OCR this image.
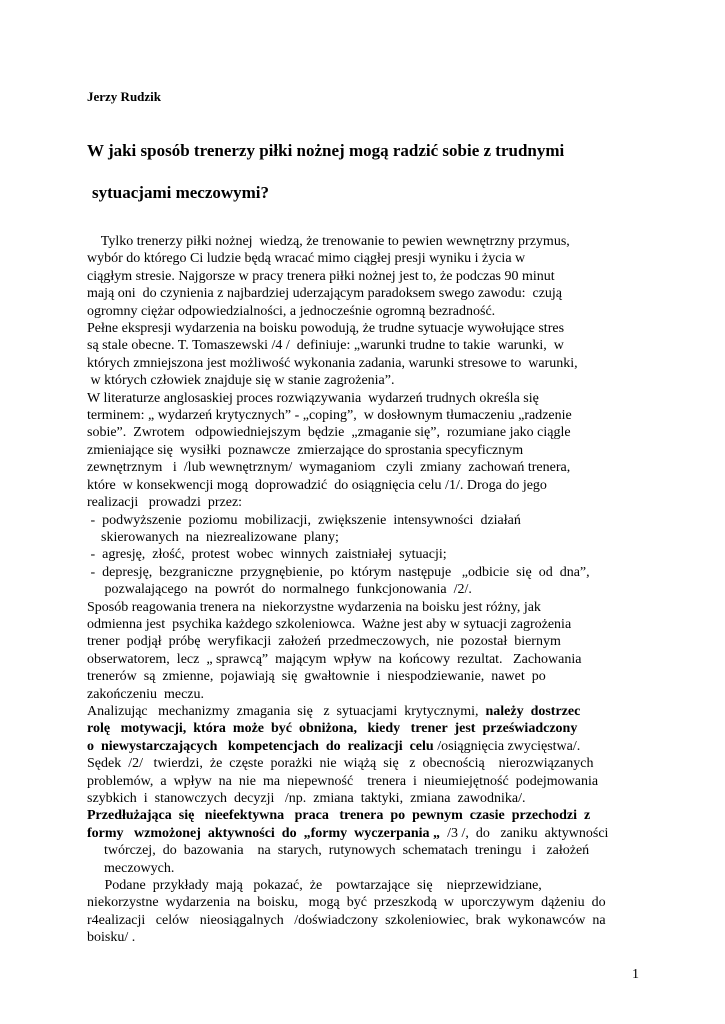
Jerzy Rudzik
W jaki sposób trenerzy piłki nożnej mogą radzić sobie z trudnymi
sytuacjami meczowymi?
Tylko trenerzy piłki nożnej  wiedzą, że trenowanie to pewien wewnętrzny przymus,
wybór do którego Ci ludzie będą wracać mimo ciągłej presji wyniku i życia w
ciągłym stresie. Najgorsze w pracy trenera piłki nożnej jest to, że podczas 90 minut
mają oni  do czynienia z najbardziej uderzającym paradoksem swego zawodu:  czują
ogromny ciężar odpowiedzialności, a jednocześnie ogromną bezradność.
Pełne ekspresji wydarzenia na boisku powodują, że trudne sytuacje wywołujące stres
są stale obecne. T. Tomaszewski /4 /  definiuje: „warunki trudne to takie  warunki,  w
których zmniejszona jest możliwość wykonania zadania, warunki stresowe to  warunki,
w których człowiek znajduje się w stanie zagrożenia”.
W literaturze anglosaskiej proces rozwiązywania  wydarzeń trudnych określa się
terminem: „ wydarzeń krytycznych” - „coping”,  w dosłownym tłumaczeniu „radzenie
sobie”.  Zwrotem   odpowiedniejszym  będzie  „zmaganie się”,  rozumiane jako ciągle
zmieniające się  wysiłki  poznawcze  zmierzające do sprostania specyficznym
zewnętrznym   i  /lub wewnętrznym/  wymaganiom   czyli  zmiany  zachowań trenera,
które  w konsekwencji mogą  doprowadzić  do osiągnięcia celu /1/. Droga do jego
realizacji   prowadzi  przez:
-  podwyższenie  poziomu  mobilizacji,  zwiększenie  intensywności  działań
skierowanych  na  niezrealizowane  plany;
-  agresję,  złość,  protest  wobec  winnych  zaistniałej  sytuacji;
-  depresję,  bezgraniczne  przygnębienie,  po  którym  następuje   „odbicie  się  od  dna”,
pozwalającego  na  powrót  do  normalnego  funkcjonowania  /2/.
Sposób reagowania trenera na  niekorzystne wydarzenia na boisku jest różny, jak
odmienna jest  psychika każdego szkoleniowca.  Ważne jest aby w sytuacji zagrożenia
trener  podjął  próbę  weryfikacji  założeń  przedmeczowych,  nie  pozostał  biernym
obserwatorem,  lecz  „ sprawcą”  mającym  wpływ  na  końcowy  rezultat.   Zachowania
trenerów  są  zmienne,  pojawiają  się  gwałtownie  i  niespodziewanie,  nawet  po
zakończeniu  meczu.
Analizując   mechanizmy  zmagania  się   z  sytuacjami  krytycznymi,  należy  dostrzec
rolę   motywacji,  która  może  być  obniżona,   kiedy   trener  jest  przeświadczony
o  niewystarczających   kompetencjach  do  realizacji  celu /osiągnięcia zwycięstwa/.
Sędek  /2/   twierdzi,  że  częste  porażki  nie  wiążą  się   z  obecnością    nierozwiązanych
problemów,  a  wpływ  na  nie  ma  niepewność    trenera  i  nieumiejętność  podejmowania
szybkich  i  stanowczych  decyzji   /np.  zmiana  taktyki,  zmiana  zawodnika/.
Przedłużająca  się   nieefektywna   praca   trenera  po  pewnym  czasie  przechodzi  z
formy   wzmożonej  aktywności  do  „formy  wyczerpania „  /3 /,  do   zaniku  aktywności
twórczej,  do  bazowania    na  starych,  rutynowych  schematach  treningu   i   założeń
meczowych.
Podane  przykłady  mają   pokazać,  że    powtarzające  się    nieprzewidziane,
niekorzystne  wydarzenia  na  boisku,   mogą  być  przeszkodą  w  uporczywym  dążeniu  do
r4ealizacji   celów   nieosiągalnych   /doświadczony  szkoleniowiec,  brak  wykonawców  na
boisku/ .
1
